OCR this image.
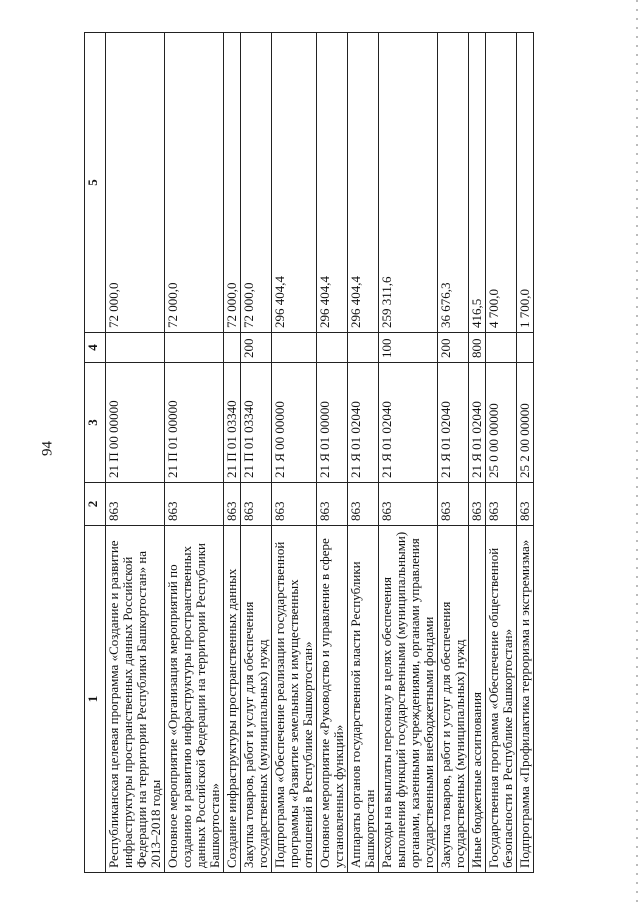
94
1	2	3	4	5
Республиканская целевая программа «Создание и развитие инфраструктуры пространственных данных Российской Федерации на территории Республики Башкортостан» на 2013–2018 годы	863	21 П 00 00000		72 000,0
Основное мероприятие «Организация мероприятий по созданию и развитию инфраструктуры пространственных данных Российской Федерации на территории Республики Башкортостан»	863	21 П 01 00000		72 000,0
Создание инфраструктуры пространственных данных	863	21 П 01 03340		72 000,0
Закупка товаров, работ и услуг для обеспечения государственных (муниципальных) нужд	863	21 П 01 03340	200	72 000,0
Подпрограмма «Обеспечение реализации государственной программы «Развитие земельных и имущественных отношений в Республике Башкортостан»	863	21 Я 00 00000		296 404,4
Основное мероприятие «Руководство и управление в сфере установленных функций»	863	21 Я 01 00000		296 404,4
Аппараты органов государственной власти Республики Башкортостан	863	21 Я 01 02040		296 404,4
Расходы на выплаты персоналу в целях обеспечения выполнения функций государственными (муниципальными) органами, казенными учреждениями, органами управления государственными внебюджетными фондами	863	21 Я 01 02040	100	259 311,6
Закупка товаров, работ и услуг для обеспечения государственных (муниципальных) нужд	863	21 Я 01 02040	200	36 676,3
Иные бюджетные ассигнования	863	21 Я 01 02040	800	416,5
Государственная программа «Обеспечение общественной безопасности в Республике Башкортостан»	863	25 0 00 00000		4 700,0
Подпрограмма «Профилактика терроризма и экстремизма»	863	25 2 00 00000		1 700,0
